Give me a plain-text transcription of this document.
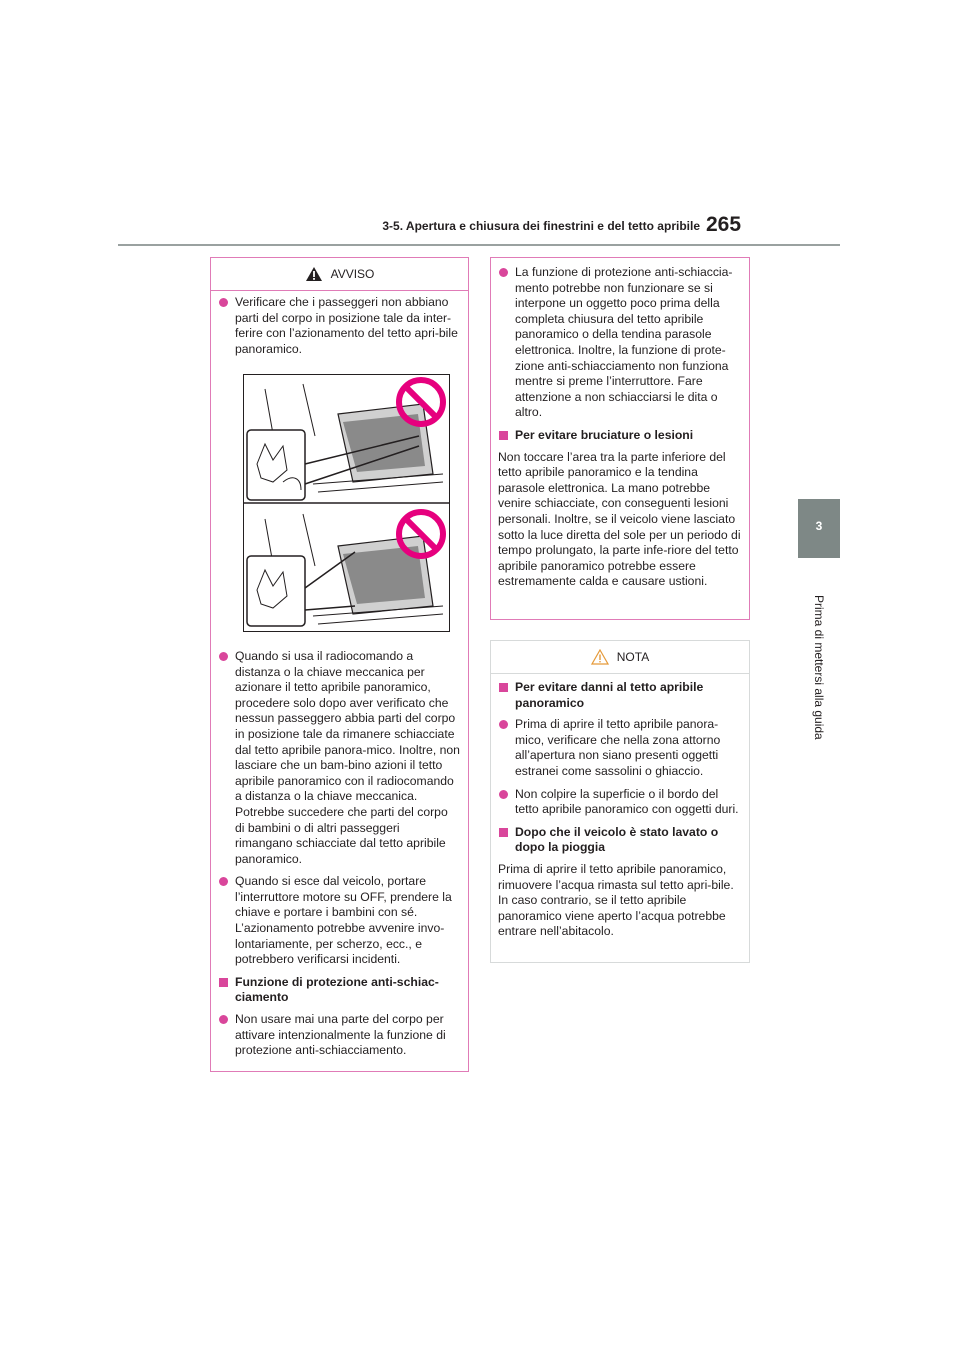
3-5. Apertura e chiusura dei finestrini e del tetto apribile 265
3
Prima di mettersi alla guida
AVVISO
Verificare che i passeggeri non abbiano parti del corpo in posizione tale da inter-ferire con l’azionamento del tetto apri-bile panoramico.
Quando si usa il radiocomando a distanza o la chiave meccanica per azionare il tetto apribile panoramico, procedere solo dopo aver verificato che nessun passeggero abbia parti del corpo in posizione tale da rimanere schiacciate dal tetto apribile panora-mico. Inoltre, non lasciare che un bam-bino azioni il tetto apribile panoramico con il radiocomando a distanza o la chiave meccanica. Potrebbe succedere che parti del corpo di bambini o di altri passeggeri rimangano schiacciate dal tetto apribile panoramico.
Quando si esce dal veicolo, portare l’interruttore motore su OFF, prendere la chiave e portare i bambini con sé. L’azionamento potrebbe avvenire invo-lontariamente, per scherzo, ecc., e potrebbero verificarsi incidenti.
Funzione di protezione anti-schiac-ciamento
Non usare mai una parte del corpo per attivare intenzionalmente la funzione di protezione anti-schiacciamento.
La funzione di protezione anti-schiaccia-mento potrebbe non funzionare se si interpone un oggetto poco prima della completa chiusura del tetto apribile panoramico o della tendina parasole elettronica. Inoltre, la funzione di prote-zione anti-schiacciamento non funziona mentre si preme l’interruttore. Fare attenzione a non schiacciarsi le dita o altro.
Per evitare bruciature o lesioni
Non toccare l’area tra la parte inferiore del tetto apribile panoramico e la tendina parasole elettronica. La mano potrebbe venire schiacciate, con conseguenti lesioni personali. Inoltre, se il veicolo viene lasciato sotto la luce diretta del sole per un periodo di tempo prolungato, la parte infe-riore del tetto apribile panoramico potrebbe essere estremamente calda e causare ustioni.
NOTA
Per evitare danni al tetto apribile panoramico
Prima di aprire il tetto apribile panora-mico, verificare che nella zona attorno all’apertura non siano presenti oggetti estranei come sassolini o ghiaccio.
Non colpire la superficie o il bordo del tetto apribile panoramico con oggetti duri.
Dopo che il veicolo è stato lavato o dopo la pioggia
Prima di aprire il tetto apribile panoramico, rimuovere l’acqua rimasta sul tetto apri-bile. In caso contrario, se il tetto apribile panoramico viene aperto l’acqua potrebbe entrare nell’abitacolo.
